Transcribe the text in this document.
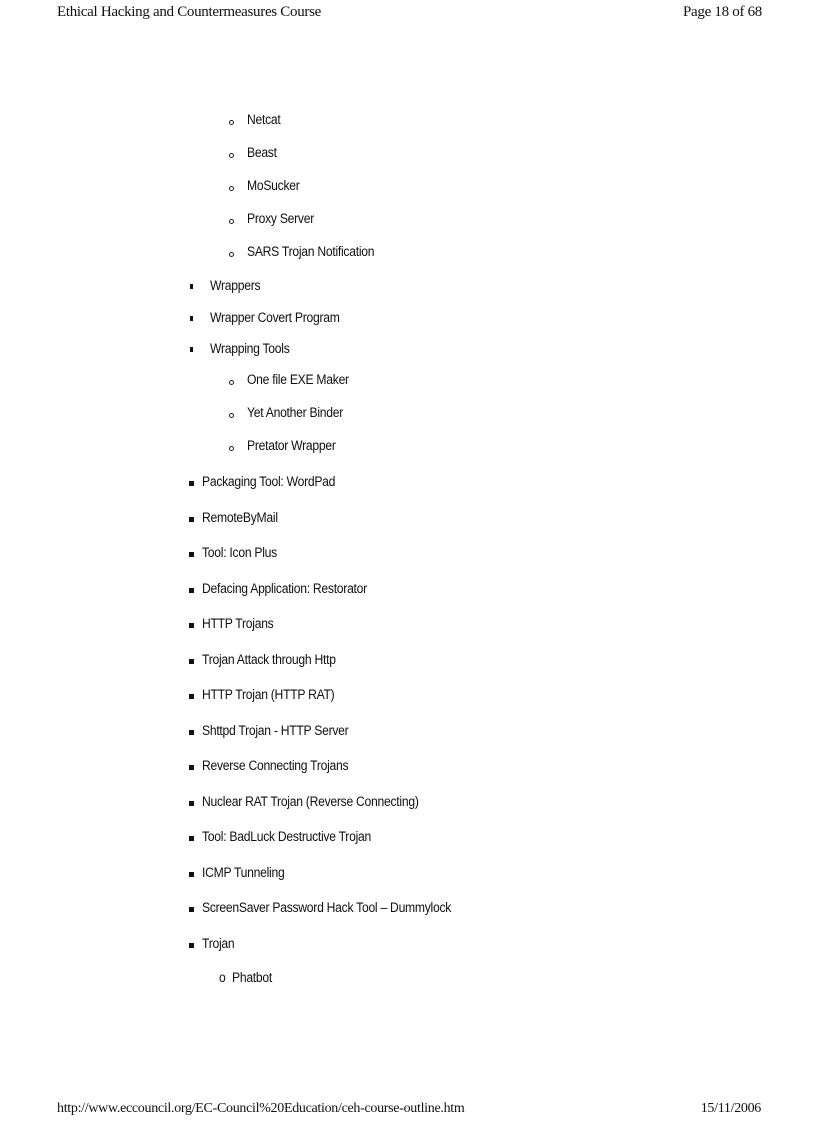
Ethical Hacking and Countermeasures Course	Page 18 of 68
Netcat
Beast
MoSucker
Proxy Server
SARS Trojan Notification
Wrappers
Wrapper Covert Program
Wrapping Tools
One file EXE Maker
Yet Another Binder
Pretator Wrapper
Packaging Tool: WordPad
RemoteByMail
Tool: Icon Plus
Defacing Application: Restorator
HTTP Trojans
Trojan Attack through Http
HTTP Trojan (HTTP RAT)
Shttpd Trojan - HTTP Server
Reverse Connecting Trojans
Nuclear RAT Trojan (Reverse Connecting)
Tool: BadLuck Destructive Trojan
ICMP Tunneling
ScreenSaver Password Hack Tool – Dummylock
Trojan
o Phatbot
http://www.eccouncil.org/EC-Council%20Education/ceh-course-outline.htm	15/11/2006
